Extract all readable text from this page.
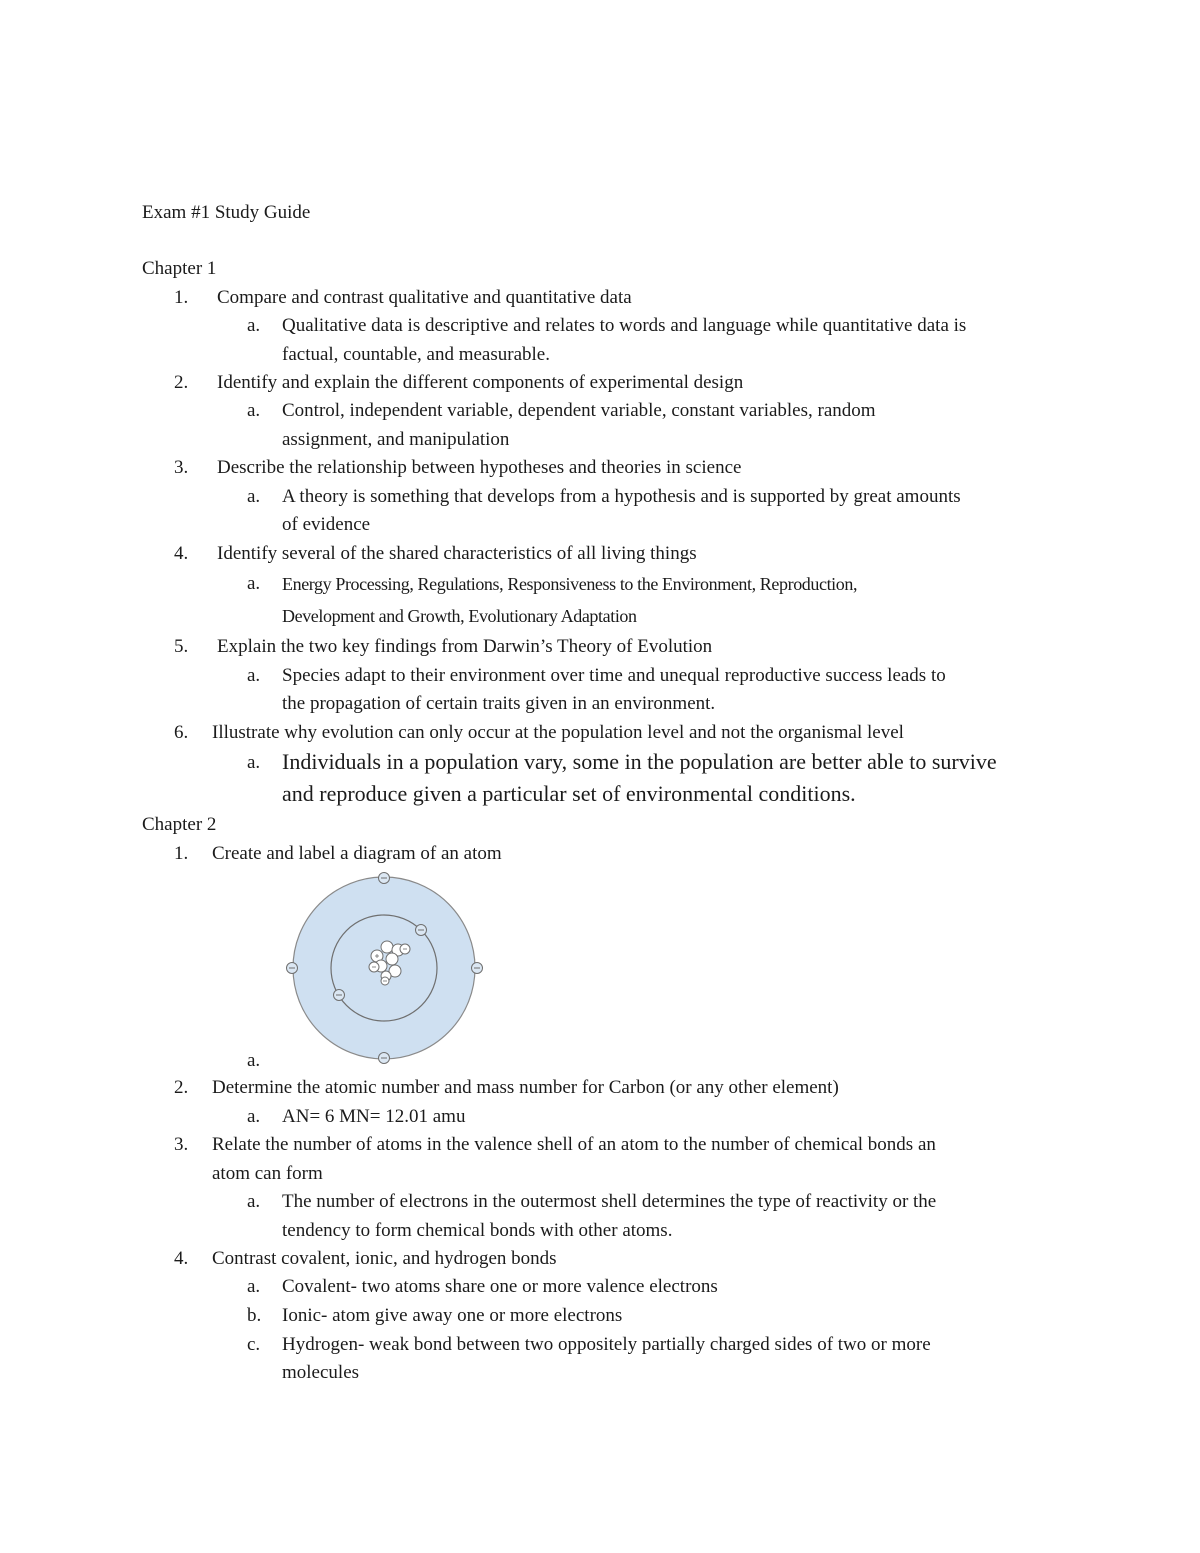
Exam #1 Study Guide
Chapter 1
1. Compare and contrast qualitative and quantitative data
a. Qualitative data is descriptive and relates to words and language while quantitative data is
factual, countable, and measurable.
2. Identify and explain the different components of experimental design
a. Control, independent variable, dependent variable, constant variables, random
assignment, and manipulation
3. Describe the relationship between hypotheses and theories in science
a. A theory is something that develops from a hypothesis and is supported by great amounts
of evidence
4. Identify several of the shared characteristics of all living things
a. Energy Processing, Regulations, Responsiveness to the Environment, Reproduction,
Development and Growth, Evolutionary Adaptation
5. Explain the two key findings from Darwin’s Theory of Evolution
a. Species adapt to their environment over time and unequal reproductive success leads to
the propagation of certain traits given in an environment.
6. Illustrate why evolution can only occur at the population level and not the organismal level
a. Individuals in a population vary, some in the population are better able to survive
and reproduce given a particular set of environmental conditions.
Chapter 2
1. Create and label a diagram of an atom
a.
2. Determine the atomic number and mass number for Carbon (or any other element)
a. AN= 6 MN= 12.01 amu
3. Relate the number of atoms in the valence shell of an atom to the number of chemical bonds an
atom can form
a. The number of electrons in the outermost shell determines the type of reactivity or the
tendency to form chemical bonds with other atoms.
4. Contrast covalent, ionic, and hydrogen bonds
a. Covalent- two atoms share one or more valence electrons
b. Ionic- atom give away one or more electrons
c. Hydrogen- weak bond between two oppositely partially charged sides of two or more
molecules
